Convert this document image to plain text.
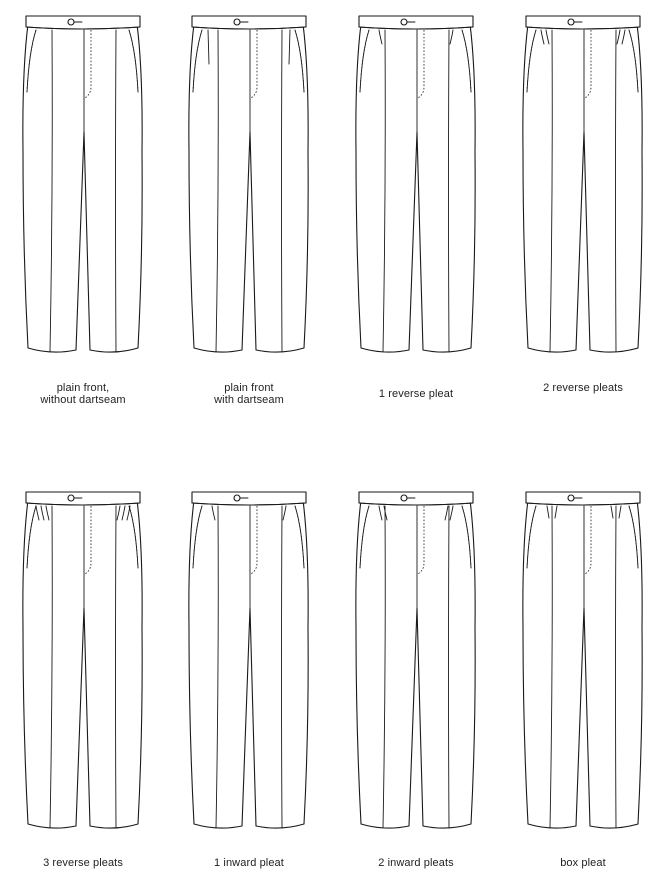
plain front,
without dartseam
plain front
with dartseam	1 reverse pleat	2 reverse pleats
3 reverse pleats	1 inward pleat	2 inward pleats	box pleat
